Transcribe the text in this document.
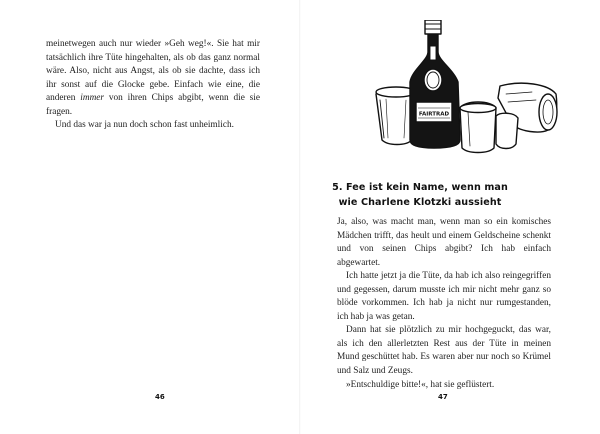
meinetwegen auch nur wieder »Geh weg!«. Sie hat mir tatsächlich ihre Tüte hingehalten, als ob das ganz normal wäre. Also, nicht aus Angst, als ob sie dachte, dass ich ihr sonst auf die Glocke gebe. Einfach wie eine, die anderen immer von ihren Chips abgibt, wenn die sie fragen.

Und das war ja nun doch schon fast unheimlich.

46
FAIRTRAD
5. Fee ist kein Name, wenn man
wie Charlene Klotzki aussieht

Ja, also, was macht man, wenn man so ein komisches Mädchen trifft, das heult und einem Geldscheine schenkt und von seinen Chips abgibt? Ich hab einfach abgewartet.

Ich hatte jetzt ja die Tüte, da hab ich also reingegriffen und gegessen, darum musste ich mir nicht mehr ganz so blöde vorkommen. Ich hab ja nicht nur rumgestanden, ich hab ja was getan.

Dann hat sie plötzlich zu mir hochgeguckt, das war, als ich den allerletzten Rest aus der Tüte in meinen Mund geschüttet hab. Es waren aber nur noch so Krümel und Salz und Zeugs.

»Entschuldige bitte!«, hat sie geflüstert.

47
